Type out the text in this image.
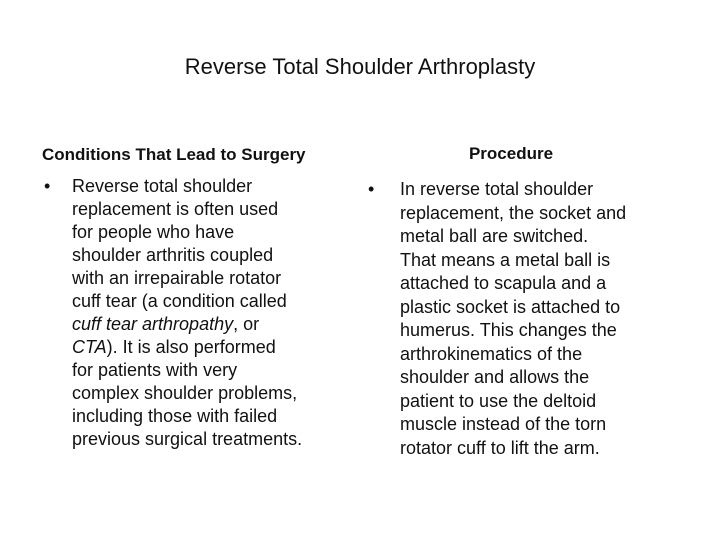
Reverse Total Shoulder Arthroplasty
Conditions That Lead to Surgery	Procedure
• Reverse total shoulder
replacement is often used
for people who have
shoulder arthritis coupled
with an irrepairable rotator
cuff tear (a condition called
cuff tear arthropathy, or
CTA). It is also performed
for patients with very
complex shoulder problems,
including those with failed
previous surgical treatments.
• In reverse total shoulder
replacement, the socket and
metal ball are switched.
That means a metal ball is
attached to scapula and a
plastic socket is attached to
humerus. This changes the
arthrokinematics of the
shoulder and allows the
patient to use the deltoid
muscle instead of the torn
rotator cuff to lift the arm.
